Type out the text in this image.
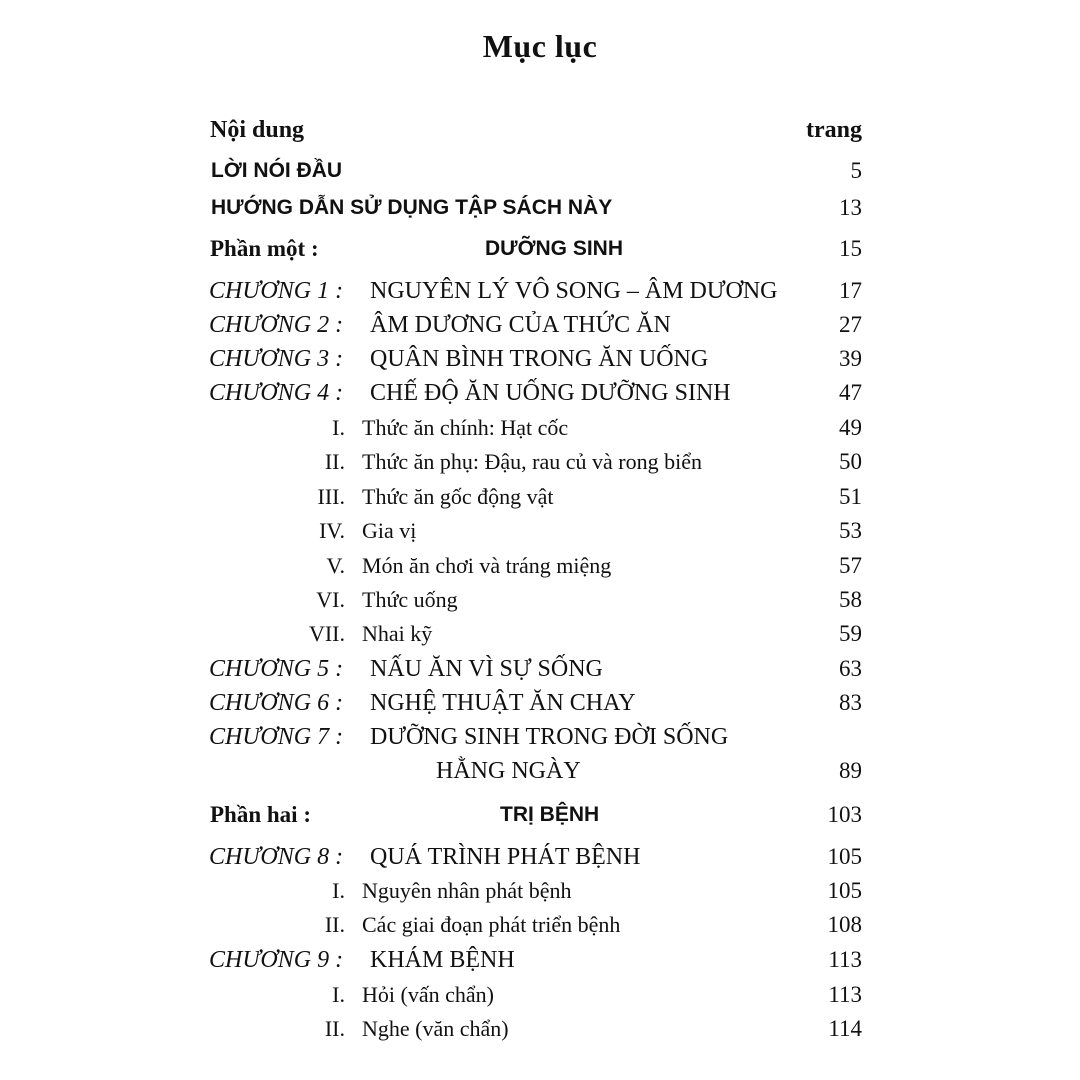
Mục lục
Nội dung	trang
LỜI NÓI ĐẦU	5
HƯỚNG DẪN SỬ DỤNG TẬP SÁCH NÀY	13
Phần một :	DƯỠNG SINH	15
CHƯƠNG 1 : NGUYÊN LÝ VÔ SONG – ÂM DƯƠNG	17
CHƯƠNG 2 : ÂM DƯƠNG CỦA THỨC ĂN	27
CHƯƠNG 3 : QUÂN BÌNH TRONG ĂN UỐNG	39
CHƯƠNG 4 : CHẾ ĐỘ ĂN UỐNG DƯỠNG SINH	47
I. Thức ăn chính: Hạt cốc	49
II. Thức ăn phụ: Đậu, rau củ và rong biển	50
III. Thức ăn gốc động vật	51
IV. Gia vị	53
V. Món ăn chơi và tráng miệng	57
VI. Thức uống	58
VII. Nhai kỹ	59
CHƯƠNG 5 : NẤU ĂN VÌ SỰ SỐNG	63
CHƯƠNG 6 : NGHỆ THUẬT ĂN CHAY	83
CHƯƠNG 7 : DƯỠNG SINH TRONG ĐỜI SỐNG
HẰNG NGÀY	89
Phần hai :	TRỊ BỆNH	103
CHƯƠNG 8 : QUÁ TRÌNH PHÁT BỆNH	105
I. Nguyên nhân phát bệnh	105
II. Các giai đoạn phát triển bệnh	108
CHƯƠNG 9 : KHÁM BỆNH	113
I. Hỏi (vấn chẩn)	113
II. Nghe (văn chẩn)	114
